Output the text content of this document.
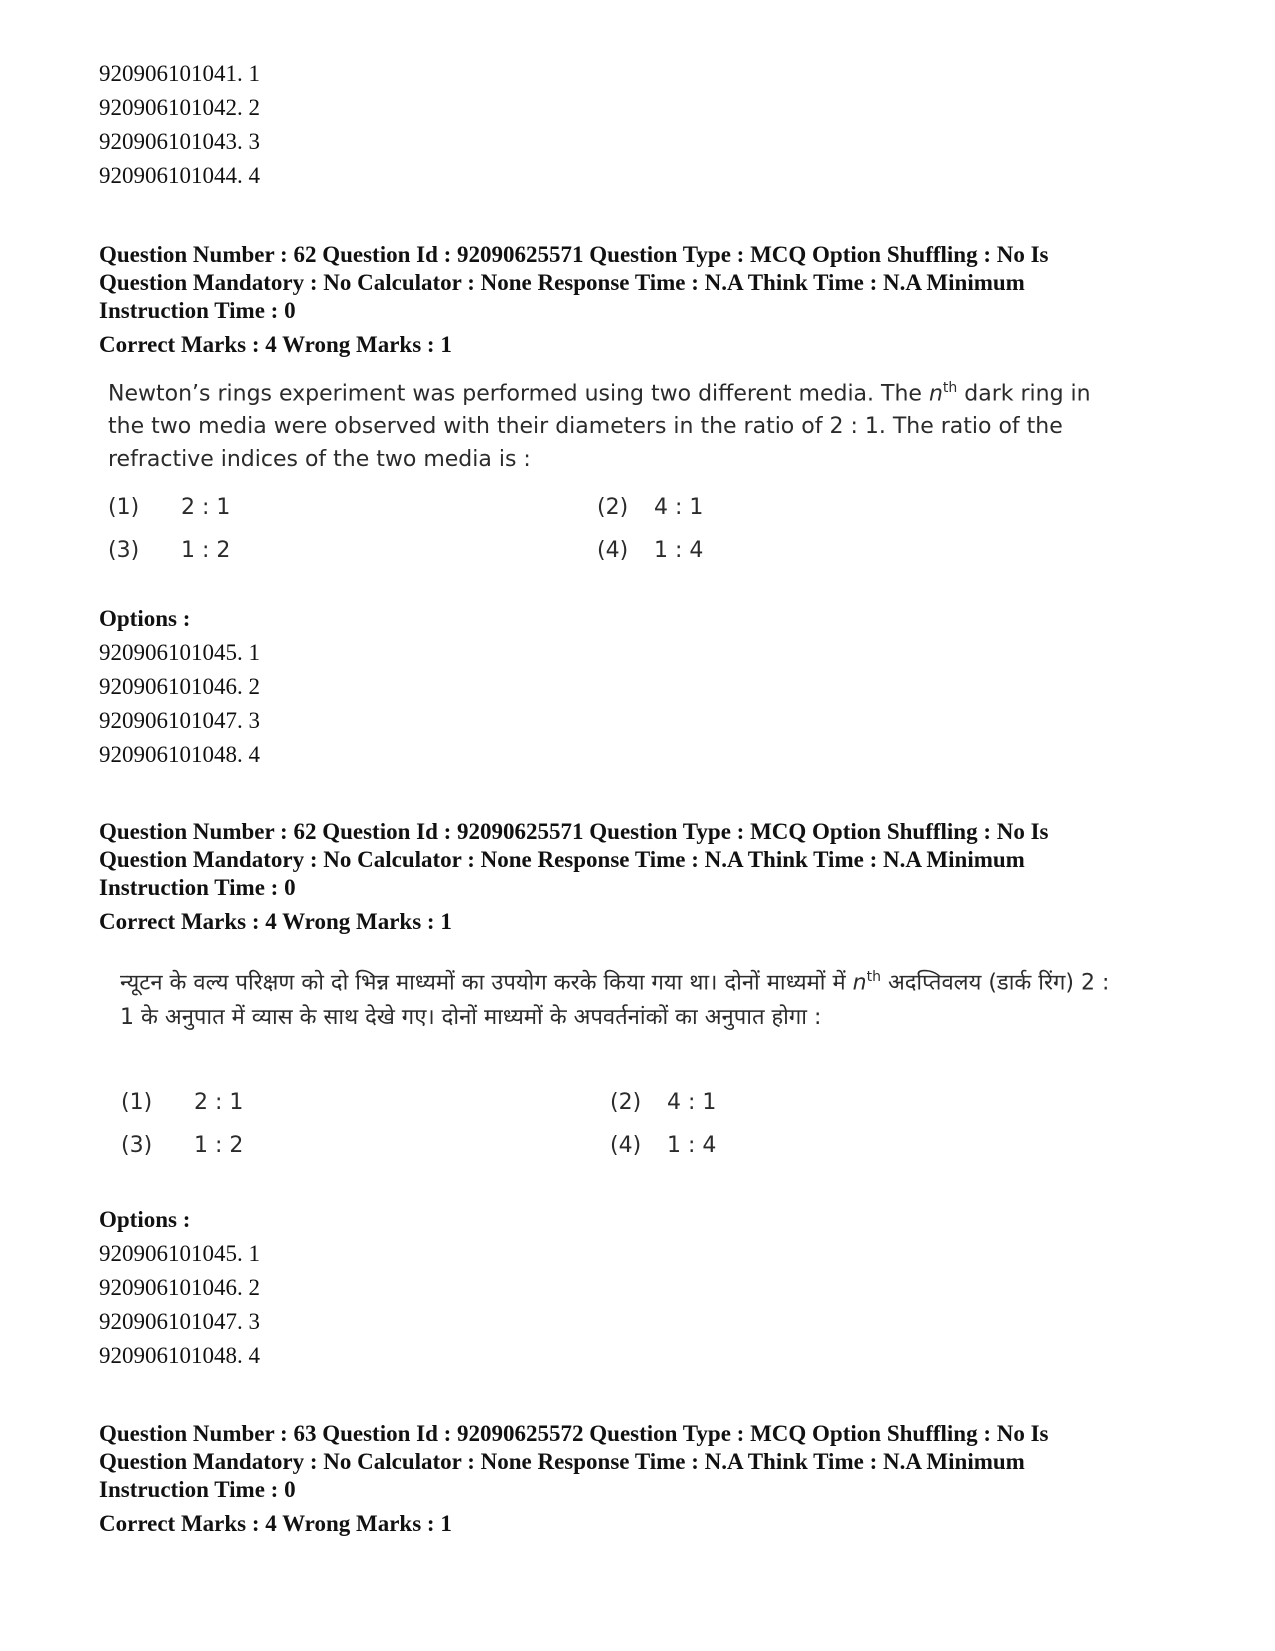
920906101041. 1
920906101042. 2
920906101043. 3
920906101044. 4
Question Number : 62 Question Id : 92090625571 Question Type : MCQ Option Shuffling : No Is
Question Mandatory : No Calculator : None Response Time : N.A Think Time : N.A Minimum
Instruction Time : 0
Correct Marks : 4 Wrong Marks : 1
Newton’s rings experiment was performed using two different media. The $n^{th}$ dark ring in the two media were observed with their diameters in the ratio of 2 : 1. The ratio of the refractive indices of the two media is :
(1) 2 : 1	(2) 4 : 1
(3) 1 : 2	(4) 1 : 4
Options :
920906101045. 1
920906101046. 2
920906101047. 3
920906101048. 4
Question Number : 62 Question Id : 92090625571 Question Type : MCQ Option Shuffling : No Is
Question Mandatory : No Calculator : None Response Time : N.A Think Time : N.A Minimum
Instruction Time : 0
Correct Marks : 4 Wrong Marks : 1
न्यूटन के वल्य परिक्षण को दो भिन्न माध्यमों का उपयोग करके किया गया था। दोनों माध्यमों में $n^{th}$ अदप्तिवलय (डार्क रिंग) 2 : 1 के अनुपात में व्यास के साथ देखे गए। दोनों माध्यमों के अपवर्तनांकों का अनुपात होगा :
(1) 2 : 1	(2) 4 : 1
(3) 1 : 2	(4) 1 : 4
Options :
920906101045. 1
920906101046. 2
920906101047. 3
920906101048. 4
Question Number : 63 Question Id : 92090625572 Question Type : MCQ Option Shuffling : No Is
Question Mandatory : No Calculator : None Response Time : N.A Think Time : N.A Minimum
Instruction Time : 0
Correct Marks : 4 Wrong Marks : 1
